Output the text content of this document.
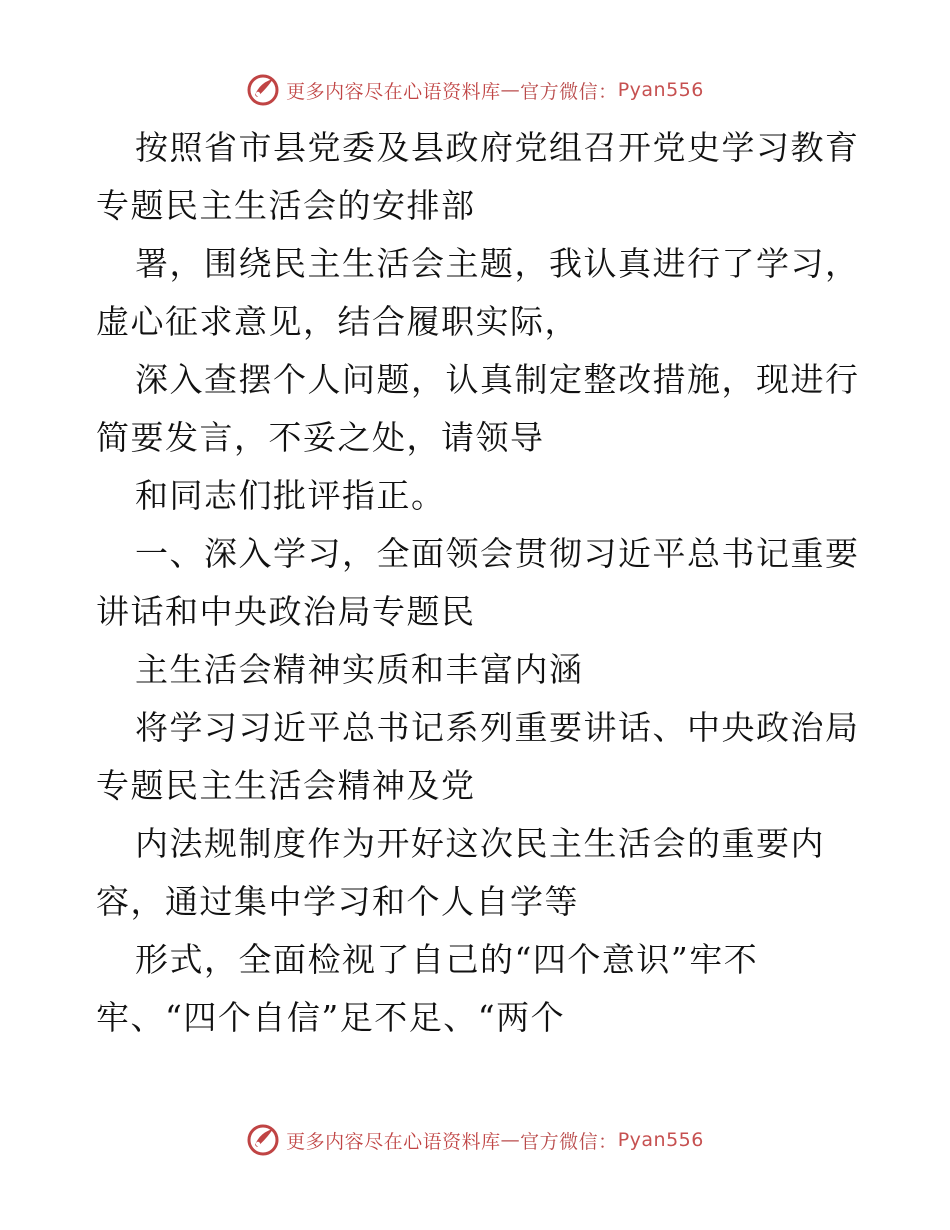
更多内容尽在心语资料库 — 官方微信： Pyan556
按照省市县党委及县政府党组召开党史学习教育
专题民主生活会的安排部
署，围绕民主生活会主题，我认真进行了学习，
虚心征求意见，结合履职实际，
深入查摆个人问题，认真制定整改措施，现进行
简要发言，不妥之处，请领导
和同志们批评指正。
一、深入学习，全面领会贯彻习近平总书记重要
讲话和中央政治局专题民
主生活会精神实质和丰富内涵
将学习习近平总书记系列重要讲话、中央政治局
专题民主生活会精神及党
内法规制度作为开好这次民主生活会的重要内
容，通过集中学习和个人自学等
形式，全面检视了自己的“四个意识”牢不
牢、“四个自信”足不足、“两个
更多内容尽在心语资料库 — 官方微信： Pyan556
